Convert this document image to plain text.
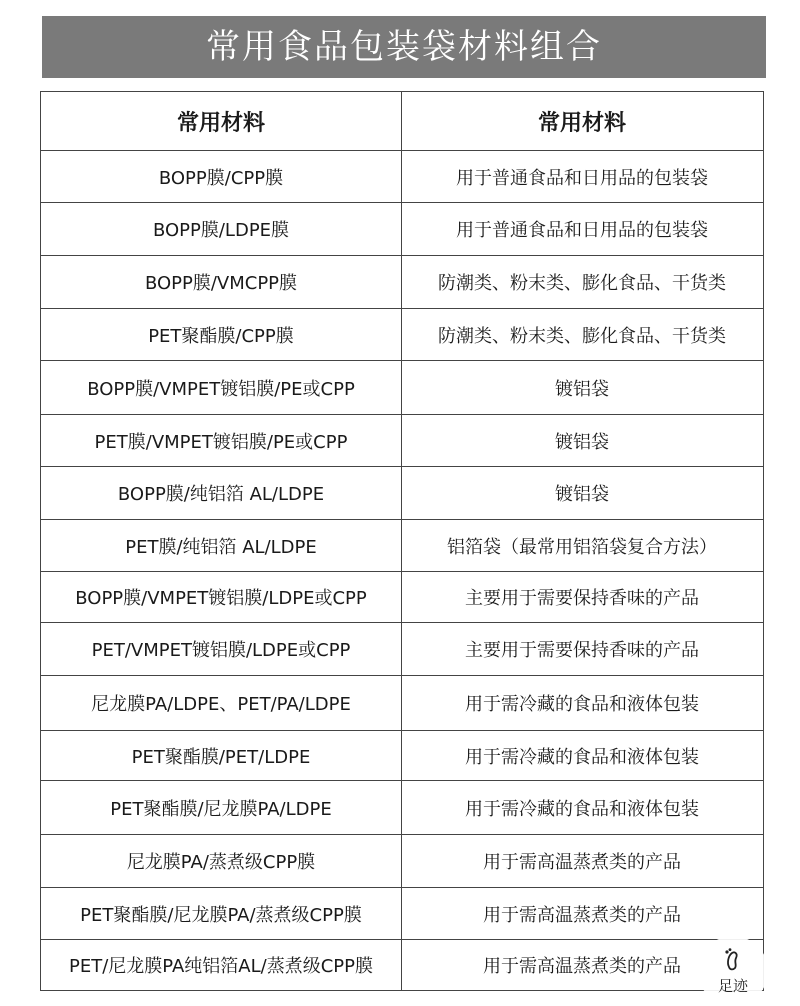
常用食品包装袋材料组合
常用材料	常用材料
BOPP膜/CPP膜	用于普通食品和日用品的包装袋
BOPP膜/LDPE膜	用于普通食品和日用品的包装袋
BOPP膜/VMCPP膜	防潮类、粉末类、膨化食品、干货类
PET聚酯膜/CPP膜	防潮类、粉末类、膨化食品、干货类
BOPP膜/VMPET镀铝膜/PE或CPP	镀铝袋
PET膜/VMPET镀铝膜/PE或CPP	镀铝袋
BOPP膜/纯铝箔 AL/LDPE	镀铝袋
PET膜/纯铝箔 AL/LDPE	铝箔袋（最常用铝箔袋复合方法）
BOPP膜/VMPET镀铝膜/LDPE或CPP	主要用于需要保持香味的产品
PET/VMPET镀铝膜/LDPE或CPP	主要用于需要保持香味的产品
尼龙膜PA/LDPE、PET/PA/LDPE	用于需冷藏的食品和液体包装
PET聚酯膜/PET/LDPE	用于需冷藏的食品和液体包装
PET聚酯膜/尼龙膜PA/LDPE	用于需冷藏的食品和液体包装
尼龙膜PA/蒸煮级CPP膜	用于需高温蒸煮类的产品
PET聚酯膜/尼龙膜PA/蒸煮级CPP膜	用于需高温蒸煮类的产品
PET/尼龙膜PA纯铝箔AL/蒸煮级CPP膜	用于需高温蒸煮类的产品
足迹
